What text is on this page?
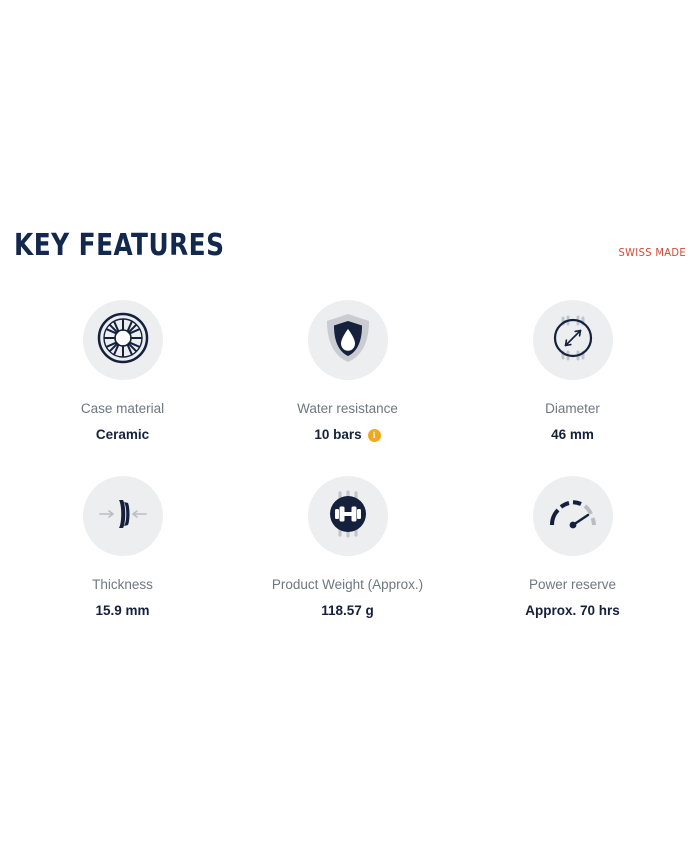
KEY FEATURES	SWISS MADE
Case material
Ceramic
Water resistance
10 bars	i
Diameter
46 mm
Thickness
15.9 mm
Product Weight (Approx.)
118.57 g
Power reserve
Approx. 70 hrs
